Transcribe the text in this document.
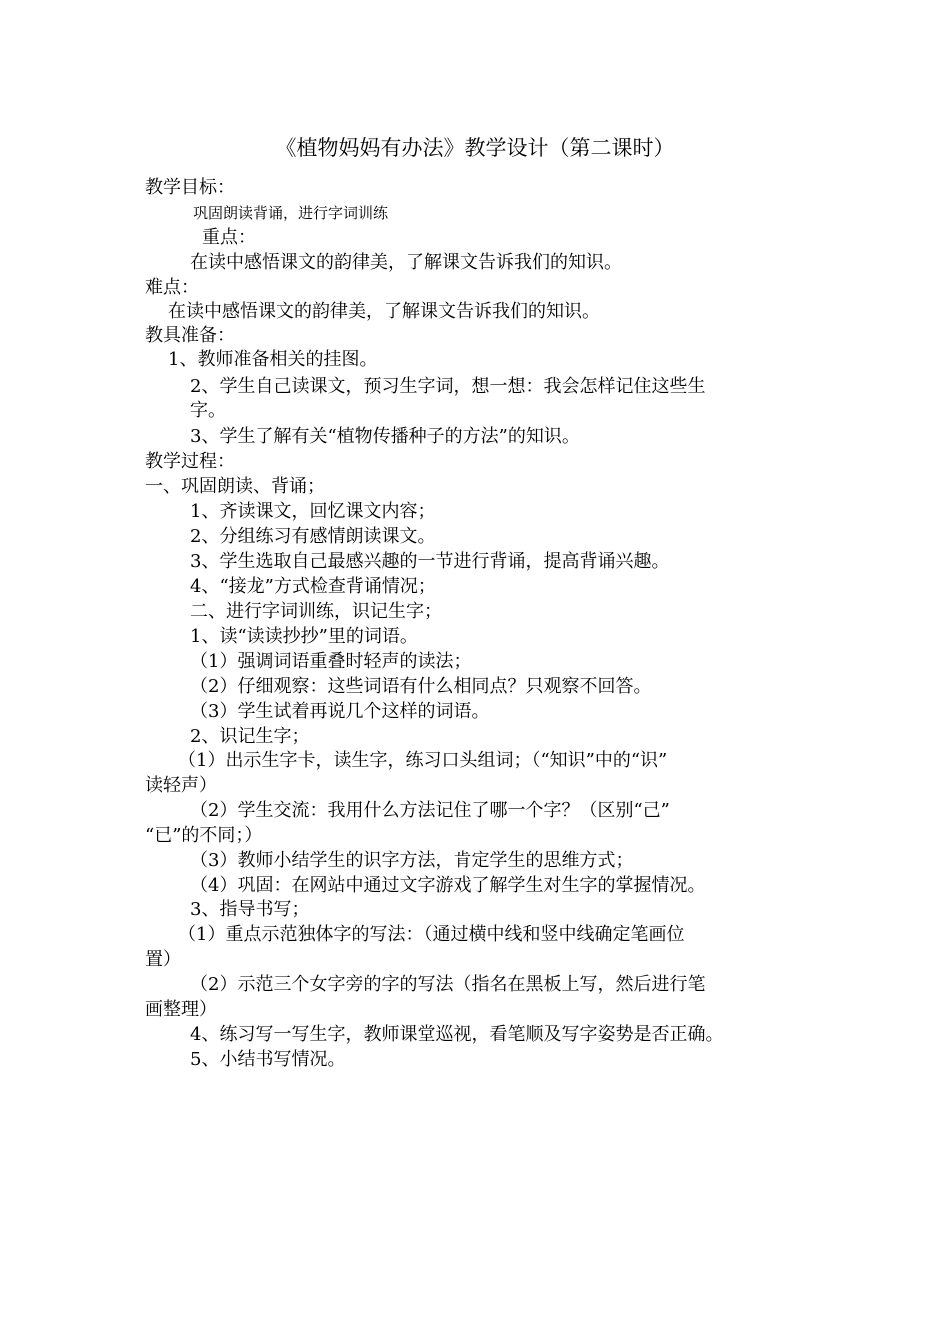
《植物妈妈有办法》教学设计（第二课时）
教学目标：
巩固朗读背诵，进行字词训练
重点：
在读中感悟课文的韵律美，了解课文告诉我们的知识。
难点：
在读中感悟课文的韵律美，了解课文告诉我们的知识。
教具准备：
1、教师准备相关的挂图。
2、学生自己读课文，预习生字词，想一想：我会怎样记住这些生
字。
3、学生了解有关“植物传播种子的方法”的知识。
教学过程：
一、巩固朗读、背诵；
1、齐读课文，回忆课文内容；
2、分组练习有感情朗读课文。
3、学生选取自己最感兴趣的一节进行背诵，提高背诵兴趣。
4、“接龙”方式检查背诵情况；
二、进行字词训练，识记生字；
1、读“读读抄抄”里的词语。
（1）强调词语重叠时轻声的读法；
（2）仔细观察：这些词语有什么相同点？只观察不回答。
（3）学生试着再说几个这样的词语。
2、识记生字；
（1）出示生字卡，读生字，练习口头组词；（“知识”中的“识”
读轻声）
（2）学生交流：我用什么方法记住了哪一个字？（区别“己”
“已”的不同；）
（3）教师小结学生的识字方法，肯定学生的思维方式；
（4）巩固：在网站中通过文字游戏了解学生对生字的掌握情况。
3、指导书写；
（1）重点示范独体字的写法：（通过横中线和竖中线确定笔画位
置）
（2）示范三个女字旁的字的写法（指名在黑板上写，然后进行笔
画整理）
4、练习写一写生字，教师课堂巡视，看笔顺及写字姿势是否正确。
5、小结书写情况。
